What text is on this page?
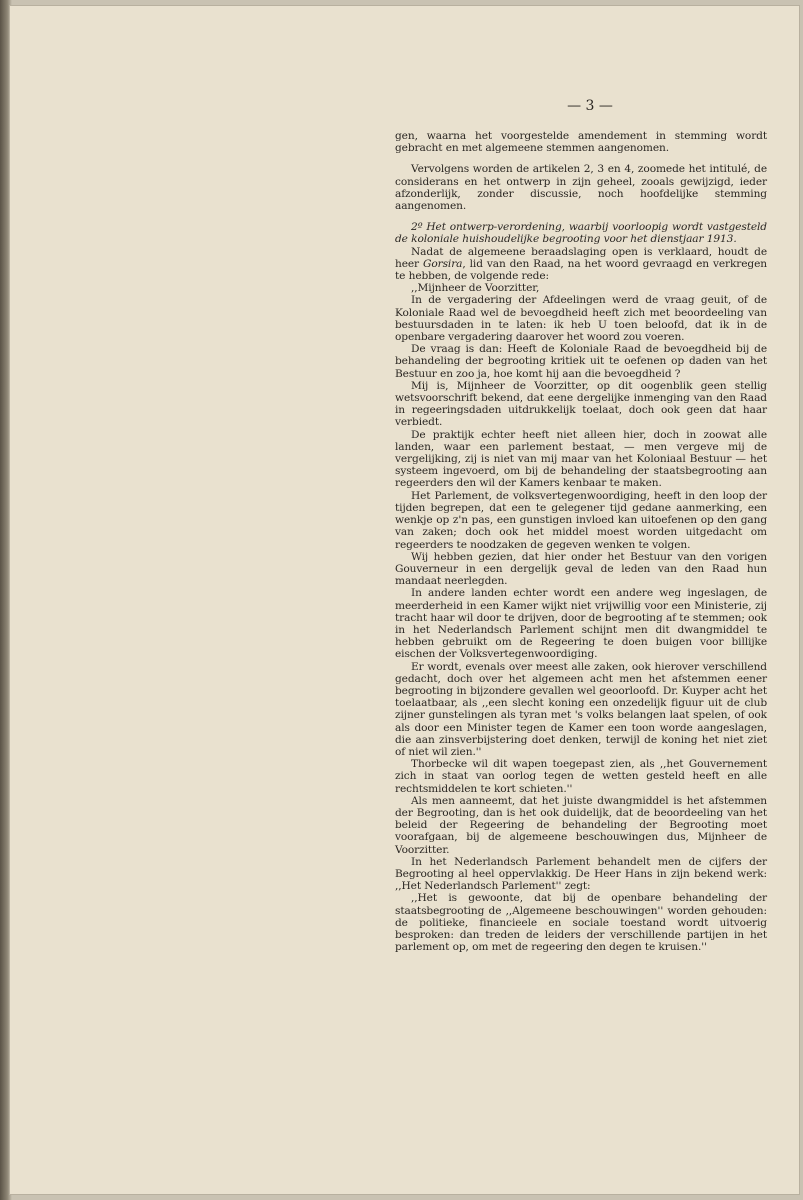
— 3 —

gen, waarna het voorgestelde amendement in stemming wordt gebracht en met algemeene stemmen aangenomen.

Vervolgens worden de artikelen 2, 3 en 4, zoomede het intitulé, de considerans en het ontwerp in zijn geheel, zooals gewijzigd, ieder afzonderlijk, zonder discussie, noch hoofdelijke stemming aangenomen.

2º Het ontwerp-verordening, waarbij voorloopig wordt vastgesteld de koloniale huishoudelijke begrooting voor het dienstjaar 1913.

Nadat de algemeene beraadslaging open is verklaard, houdt de heer Gorsira, lid van den Raad, na het woord gevraagd en verkregen te hebben, de volgende rede:

,,Mijnheer de Voorzitter,

In de vergadering der Afdeelingen werd de vraag geuit, of de Koloniale Raad wel de bevoegdheid heeft zich met beoordeeling van bestuursdaden in te laten: ik heb U toen beloofd, dat ik in de openbare vergadering daarover het woord zou voeren.

De vraag is dan: Heeft de Koloniale Raad de bevoegdheid bij de behandeling der begrooting kritiek uit te oefenen op daden van het Bestuur en zoo ja, hoe komt hij aan die bevoegdheid ?

Mij is, Mijnheer de Voorzitter, op dit oogenblik geen stellig wetsvoorschrift bekend, dat eene dergelijke inmenging van den Raad in regeeringsdaden uitdrukkelijk toelaat, doch ook geen dat haar verbiedt.

De praktijk echter heeft niet alleen hier, doch in zoowat alle landen, waar een parlement bestaat, — men vergeve mij de vergelijking, zij is niet van mij maar van het Koloniaal Bestuur — het systeem ingevoerd, om bij de behandeling der staatsbegrooting aan regeerders den wil der Kamers kenbaar te maken.

Het Parlement, de volksvertegenwoordiging, heeft in den loop der tijden begrepen, dat een te gelegener tijd gedane aanmerking, een wenkje op z'n pas, een gunstigen invloed kan uitoefenen op den gang van zaken; doch ook het middel moest worden uitgedacht om regeerders te noodzaken de gegeven wenken te volgen.

Wij hebben gezien, dat hier onder het Bestuur van den vorigen Gouverneur in een dergelijk geval de leden van den Raad hun mandaat neerlegden.

In andere landen echter wordt een andere weg ingeslagen, de meerderheid in een Kamer wijkt niet vrijwillig voor een Ministerie, zij tracht haar wil door te drijven, door de begrooting af te stemmen; ook in het Nederlandsch Parlement schijnt men dit dwangmiddel te hebben gebruikt om de Regeering te doen buigen voor billijke eischen der Volksvertegenwoordiging.

Er wordt, evenals over meest alle zaken, ook hierover verschillend gedacht, doch over het algemeen acht men het afstemmen eener begrooting in bijzondere gevallen wel geoorloofd. Dr. Kuyper acht het toelaatbaar, als ,,een slecht koning een onzedelijk figuur uit de club zijner gunstelingen als tyran met 's volks belangen laat spelen, of ook als door een Minister tegen de Kamer een toon worde aangeslagen, die aan zinsverbijstering doet denken, terwijl de koning het niet ziet of niet wil zien.''

Thorbecke wil dit wapen toegepast zien, als ,,het Gouvernement zich in staat van oorlog tegen de wetten gesteld heeft en alle rechtsmiddelen te kort schieten.''

Als men aanneemt, dat het juiste dwangmiddel is het afstemmen der Begrooting, dan is het ook duidelijk, dat de beoordeeling van het beleid der Regeering de behandeling der Begrooting moet voorafgaan, bij de algemeene beschouwingen dus, Mijnheer de Voorzitter.

In het Nederlandsch Parlement behandelt men de cijfers der Begrooting al heel oppervlakkig. De Heer Hans in zijn bekend werk: ,,Het Nederlandsch Parlement'' zegt:

,,Het is gewoonte, dat bij de openbare behandeling der staatsbegrooting de ,,Algemeene beschouwingen'' worden gehouden: de politieke, financieele en sociale toestand wordt uitvoerig besproken: dan treden de leiders der verschillende partijen in het parlement op, om met de regeering den degen te kruisen.''
